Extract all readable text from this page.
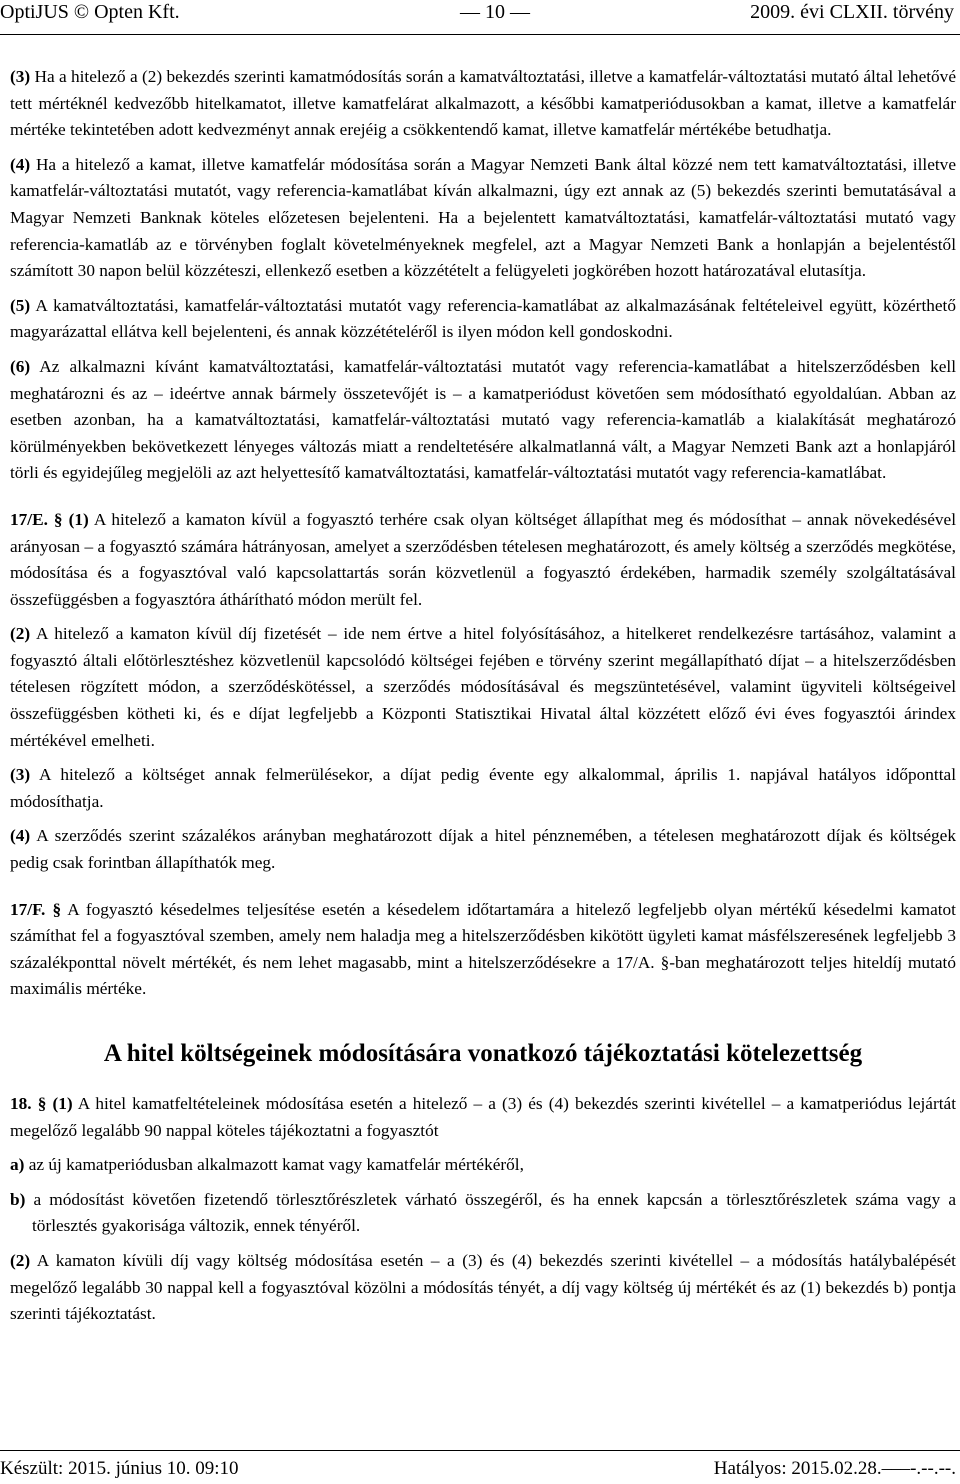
OptiJUS © Opten Kft.	— 10 —	2009. évi CLXII. törvény

(3) Ha a hitelező a (2) bekezdés szerinti kamatmódosítás során a kamatváltoztatási, illetve a kamatfelár-változtatási mutató által lehetővé tett mértéknél kedvezőbb hitelkamatot, illetve kamatfelárat alkalmazott, a későbbi kamatperiódusokban a kamat, illetve a kamatfelár mértéke tekintetében adott kedvezményt annak erejéig a csökkentendő kamat, illetve kamatfelár mértékébe betudhatja.

(4) Ha a hitelező a kamat, illetve kamatfelár módosítása során a Magyar Nemzeti Bank által közzé nem tett kamatváltoztatási, illetve kamatfelár-változtatási mutatót, vagy referencia-kamatlábat kíván alkalmazni, úgy ezt annak az (5) bekezdés szerinti bemutatásával a Magyar Nemzeti Banknak köteles előzetesen bejelenteni. Ha a bejelentett kamatváltoztatási, kamatfelár-változtatási mutató vagy referencia-kamatláb az e törvényben foglalt követelményeknek megfelel, azt a Magyar Nemzeti Bank a honlapján a bejelentéstől számított 30 napon belül közzéteszi, ellenkező esetben a közzétételt a felügyeleti jogkörében hozott határozatával elutasítja.

(5) A kamatváltoztatási, kamatfelár-változtatási mutatót vagy referencia-kamatlábat az alkalmazásának feltételeivel együtt, közérthető magyarázattal ellátva kell bejelenteni, és annak közzétételéről is ilyen módon kell gondoskodni.

(6) Az alkalmazni kívánt kamatváltoztatási, kamatfelár-változtatási mutatót vagy referencia-kamatlábat a hitelszerződésben kell meghatározni és az – ideértve annak bármely összetevőjét is – a kamatperiódust követően sem módosítható egyoldalúan. Abban az esetben azonban, ha a kamatváltoztatási, kamatfelár-változtatási mutató vagy referencia-kamatláb a kialakítását meghatározó körülményekben bekövetkezett lényeges változás miatt a rendeltetésére alkalmatlanná vált, a Magyar Nemzeti Bank azt a honlapjáról törli és egyidejűleg megjelöli az azt helyettesítő kamatváltoztatási, kamatfelár-változtatási mutatót vagy referencia-kamatlábat.

17/E. § (1) A hitelező a kamaton kívül a fogyasztó terhére csak olyan költséget állapíthat meg és módosíthat – annak növekedésével arányosan – a fogyasztó számára hátrányosan, amelyet a szerződésben tételesen meghatározott, és amely költség a szerződés megkötése, módosítása és a fogyasztóval való kapcsolattartás során közvetlenül a fogyasztó érdekében, harmadik személy szolgáltatásával összefüggésben a fogyasztóra áthárítható módon merült fel.

(2) A hitelező a kamaton kívül díj fizetését – ide nem értve a hitel folyósításához, a hitelkeret rendelkezésre tartásához, valamint a fogyasztó általi előtörlesztéshez közvetlenül kapcsolódó költségei fejében e törvény szerint megállapítható díjat – a hitelszerződésben tételesen rögzített módon, a szerződéskötéssel, a szerződés módosításával és megszüntetésével, valamint ügyviteli költségeivel összefüggésben kötheti ki, és e díjat legfeljebb a Központi Statisztikai Hivatal által közzétett előző évi éves fogyasztói árindex mértékével emelheti.

(3) A hitelező a költséget annak felmerülésekor, a díjat pedig évente egy alkalommal, április 1. napjával hatályos időponttal módosíthatja.

(4) A szerződés szerint százalékos arányban meghatározott díjak a hitel pénznemében, a tételesen meghatározott díjak és költségek pedig csak forintban állapíthatók meg.

17/F. § A fogyasztó késedelmes teljesítése esetén a késedelem időtartamára a hitelező legfeljebb olyan mértékű késedelmi kamatot számíthat fel a fogyasztóval szemben, amely nem haladja meg a hitelszerződésben kikötött ügyleti kamat másfélszeresének legfeljebb 3 százalékponttal növelt mértékét, és nem lehet magasabb, mint a hitelszerződésekre a 17/A. §-ban meghatározott teljes hiteldíj mutató maximális mértéke.

A hitel költségeinek módosítására vonatkozó tájékoztatási kötelezettség

18. § (1) A hitel kamatfeltételeinek módosítása esetén a hitelező – a (3) és (4) bekezdés szerinti kivétellel – a kamatperiódus lejártát megelőző legalább 90 nappal köteles tájékoztatni a fogyasztót

a) az új kamatperiódusban alkalmazott kamat vagy kamatfelár mértékéről,

b) a módosítást követően fizetendő törlesztőrészletek várható összegéről, és ha ennek kapcsán a törlesztőrészletek száma vagy a törlesztés gyakorisága változik, ennek tényéről.

(2) A kamaton kívüli díj vagy költség módosítása esetén – a (3) és (4) bekezdés szerinti kivétellel – a módosítás hatálybalépését megelőző legalább 30 nappal kell a fogyasztóval közölni a módosítás tényét, a díj vagy költség új mértékét és az (1) bekezdés b) pontja szerinti tájékoztatást.

Készült: 2015. június 10. 09:10	Hatályos: 2015.02.28.–––-.--.--.
